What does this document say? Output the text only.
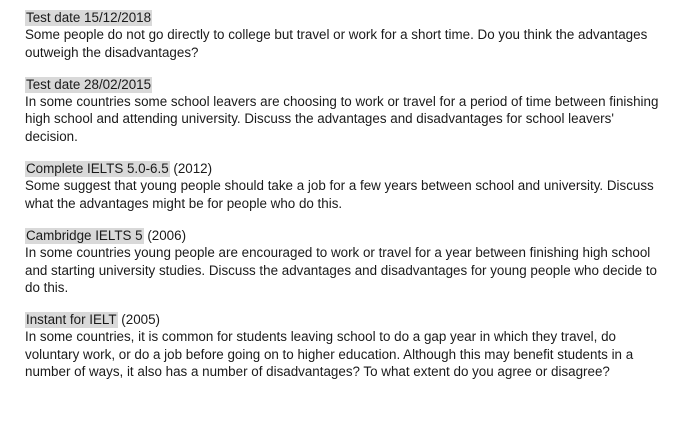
Test date 15/12/2018

Some people do not go directly to college but travel or work for a short time. Do you think the advantages outweigh the disadvantages?

Test date 28/02/2015

In some countries some school leavers are choosing to work or travel for a period of time between finishing high school and attending university. Discuss the advantages and disadvantages for school leavers' decision.

Complete IELTS 5.0-6.5 (2012)

Some suggest that young people should take a job for a few years between school and university. Discuss what the advantages might be for people who do this.

Cambridge IELTS 5 (2006)

In some countries young people are encouraged to work or travel for a year between finishing high school and starting university studies. Discuss the advantages and disadvantages for young people who decide to do this.

Instant for IELT (2005)

In some countries, it is common for students leaving school to do a gap year in which they travel, do voluntary work, or do a job before going on to higher education. Although this may benefit students in a number of ways, it also has a number of disadvantages? To what extent do you agree or disagree?
